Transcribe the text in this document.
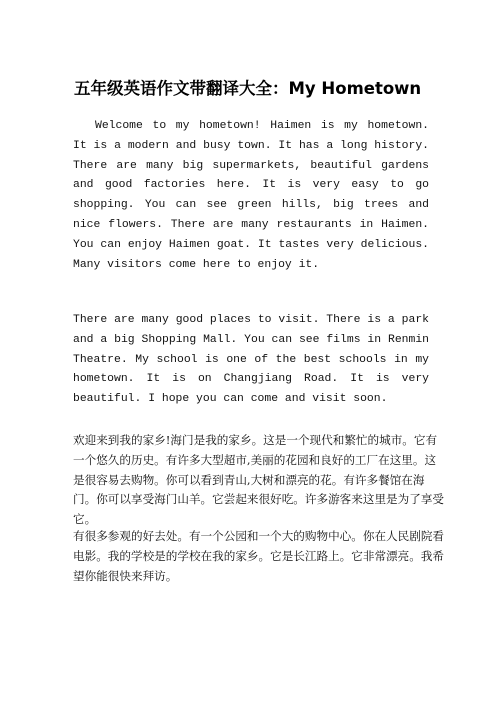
五年级英语作文带翻译大全：My Hometown

Welcome to my hometown! Haimen is my hometown. It is a modern and busy town. It has a long history. There are many big supermarkets, beautiful gardens and good factories here. It is very easy to go shopping. You can see green hills, big trees and nice flowers. There are many restaurants in Haimen. You can enjoy Haimen goat. It tastes very delicious. Many visitors come here to enjoy it.

There are many good places to visit. There is a park and a big Shopping Mall. You can see films in Renmin Theatre. My school is one of the best schools in my hometown. It is on Changjiang Road. It is very beautiful. I hope you can come and visit soon.

欢迎来到我的家乡!海门是我的家乡。这是一个现代和繁忙的城市。它有一个悠久的历史。有许多大型超市,美丽的花园和良好的工厂在这里。这是很容易去购物。你可以看到青山,大树和漂亮的花。有许多餐馆在海门。你可以享受海门山羊。它尝起来很好吃。许多游客来这里是为了享受它。

有很多参观的好去处。有一个公园和一个大的购物中心。你在人民剧院看电影。我的学校是的学校在我的家乡。它是长江路上。它非常漂亮。我希望你能很快来拜访。
